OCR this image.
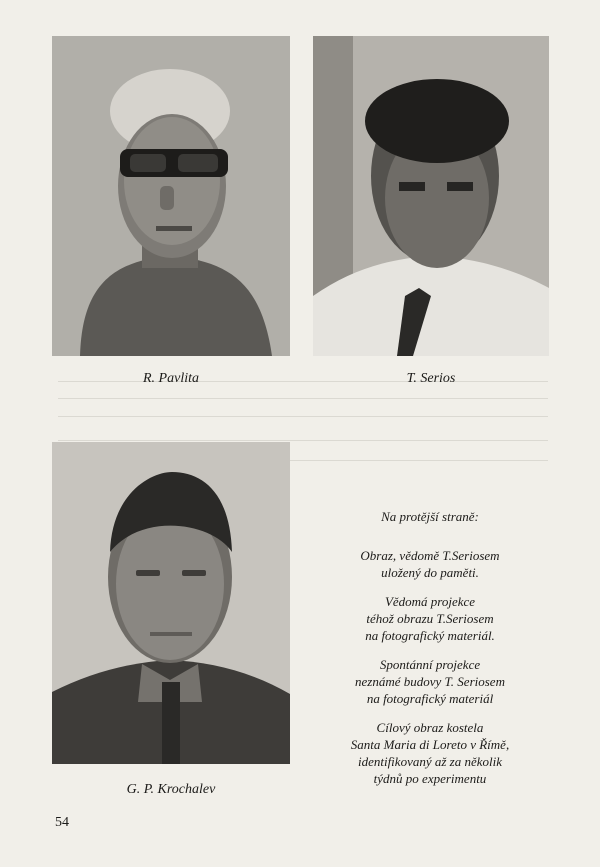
R. Pavlita	T. Serios
G. P. Krochalev
Na protější straně:
Obraz, vědomě T.Seriosem
uložený do paměti.
Vědomá projekce
téhož obrazu T.Seriosem
na fotografický materiál.
Spontánní projekce
neznámé budovy T. Seriosem
na fotografický materiál
Cílový obraz kostela
Santa Maria di Loreto v Římě,
identifikovaný až za několik
týdnů po experimentu
54
